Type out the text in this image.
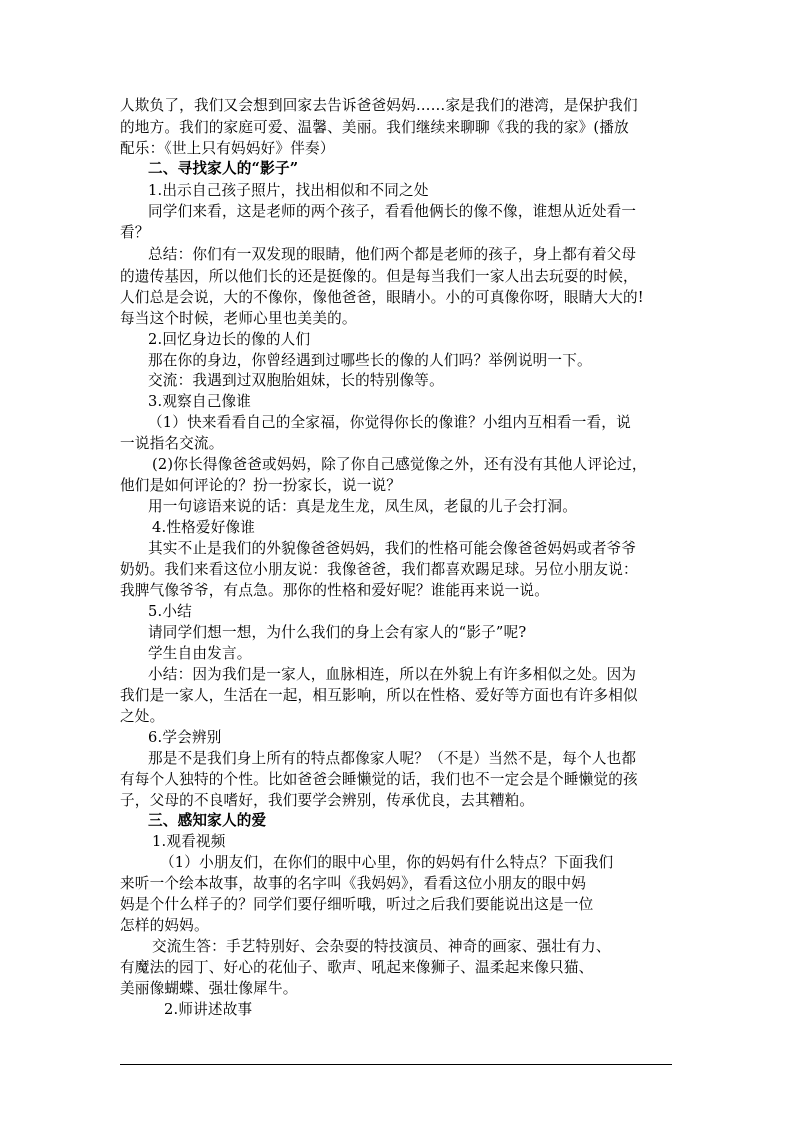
人欺负了，我们又会想到回家去告诉爸爸妈妈……家是我们的港湾，是保护我们
的地方。我们的家庭可爱、温馨、美丽。我们继续来聊聊《我的我的家》(播放
配乐：《世上只有妈妈好》伴奏）
二、寻找家人的“影子”
1.出示自己孩子照片，找出相似和不同之处
同学们来看，这是老师的两个孩子，看看他俩长的像不像，谁想从近处看一
看？
总结：你们有一双发现的眼睛，他们两个都是老师的孩子，身上都有着父母
的遗传基因，所以他们长的还是挺像的。但是每当我们一家人出去玩耍的时候，
人们总是会说，大的不像你，像他爸爸，眼睛小。小的可真像你呀，眼睛大大的!
每当这个时候，老师心里也美美的。
2.回忆身边长的像的人们
那在你的身边，你曾经遇到过哪些长的像的人们吗？举例说明一下。
交流：我遇到过双胞胎姐妹，长的特别像等。
3.观察自己像谁
（1）快来看看自己的全家福，你觉得你长的像谁？小组内互相看一看，说
一说指名交流。
(2)你长得像爸爸或妈妈，除了你自己感觉像之外，还有没有其他人评论过，
他们是如何评论的？扮一扮家长，说一说？
用一句谚语来说的话：真是龙生龙，凤生凤，老鼠的儿子会打洞。
4.性格爱好像谁
其实不止是我们的外貌像爸爸妈妈，我们的性格可能会像爸爸妈妈或者爷爷
奶奶。我们来看这位小朋友说：我像爸爸，我们都喜欢踢足球。另位小朋友说：
我脾气像爷爷，有点急。那你的性格和爱好呢？谁能再来说一说。
5.小结
请同学们想一想，为什么我们的身上会有家人的“影子”呢?
学生自由发言。
小结：因为我们是一家人，血脉相连，所以在外貌上有许多相似之处。因为
我们是一家人，生活在一起，相互影响，所以在性格、爱好等方面也有许多相似
之处。
6.学会辨别
那是不是我们身上所有的特点都像家人呢？（不是）当然不是，每个人也都
有每个人独特的个性。比如爸爸会睡懒觉的话，我们也不一定会是个睡懒觉的孩
子，父母的不良嗜好，我们要学会辨别，传承优良，去其糟粕。
三、感知家人的爱
1.观看视频
（1）小朋友们，在你们的眼中心里，你的妈妈有什么特点？下面我们
来听一个绘本故事，故事的名字叫《我妈妈》，看看这位小朋友的眼中妈
妈是个什么样子的？同学们要仔细听哦，听过之后我们要能说出这是一位
怎样的妈妈。
交流生答：手艺特别好、会杂耍的特技演员、神奇的画家、强壮有力、
有魔法的园丁、好心的花仙子、歌声、吼起来像狮子、温柔起来像只猫、
美丽像蝴蝶、强壮像犀牛。
2.师讲述故事
